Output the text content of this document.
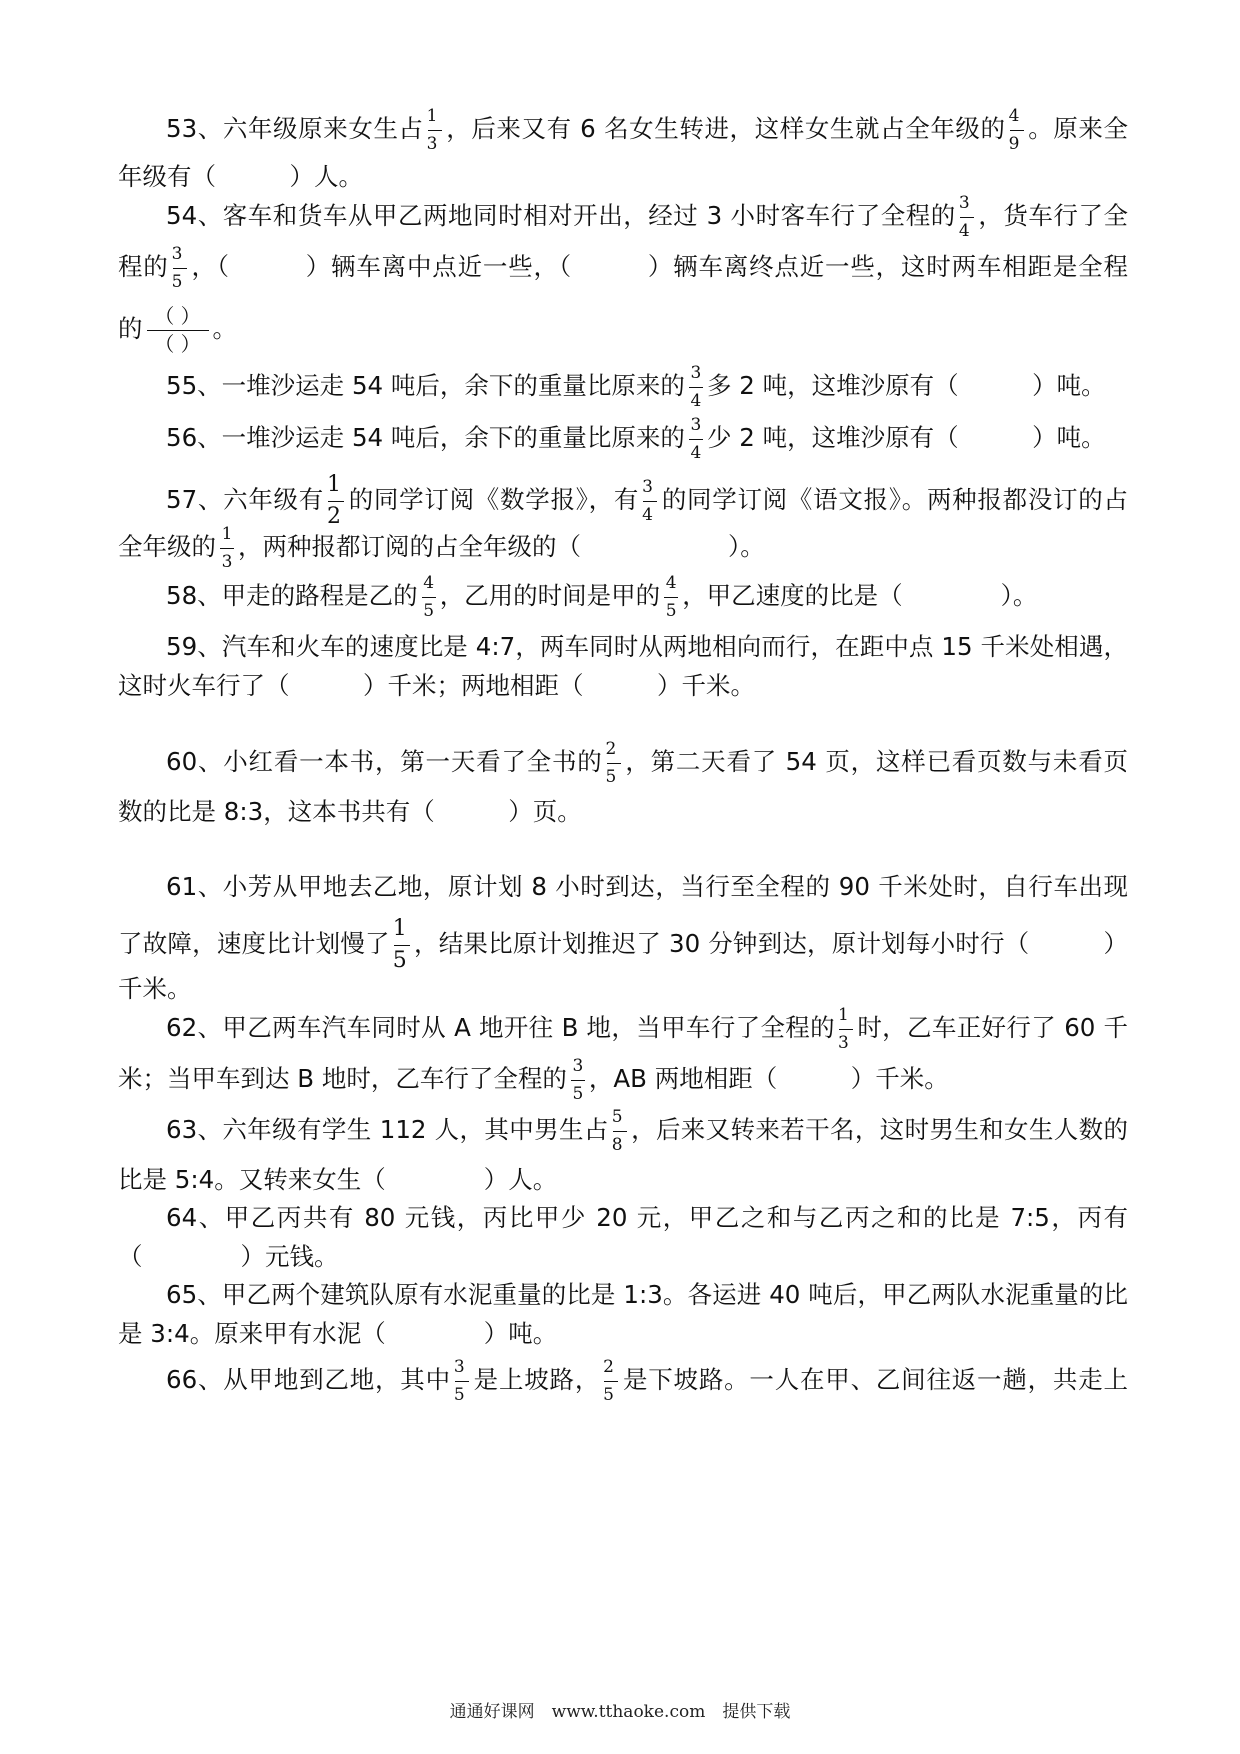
53、六年级原来女生占 $\frac{1}{3}$ ，后来又有 6 名女生转进，这样女生就占全年级的 $\frac{4}{9}$ 。原来全
年级有（　　　）人。
54、客车和货车从甲乙两地同时相对开出，经过 3 小时客车行了全程的 $\frac{3}{4}$ ，货车行了全
程的 $\frac{3}{5}$ ，（　　　）辆车离中点近一些，（　　　）辆车离终点近一些，这时两车相距是全程
的 $\frac{( )}{( )}$ 。
55、一堆沙运走 54 吨后，余下的重量比原来的 $\frac{3}{4}$ 多 2 吨，这堆沙原有（　　　）吨。
56、一堆沙运走 54 吨后，余下的重量比原来的 $\frac{3}{4}$ 少 2 吨，这堆沙原有（　　　）吨。
57、六年级有 $\frac{1}{2}$ 的同学订阅《数学报》，有 $\frac{3}{4}$ 的同学订阅《语文报》。两种报都没订的占
全年级的 $\frac{1}{3}$ ，两种报都订阅的占全年级的（　　　　　　）。
58、甲走的路程是乙的 $\frac{4}{5}$ ，乙用的时间是甲的 $\frac{4}{5}$ ，甲乙速度的比是（　　　　）。
59、汽车和火车的速度比是 4:7，两车同时从两地相向而行，在距中点 15 千米处相遇，
这时火车行了（　　　）千米；两地相距（　　　）千米。
60、小红看一本书，第一天看了全书的 $\frac{2}{5}$ ，第二天看了 54 页，这样已看页数与未看页
数的比是 8:3，这本书共有（　　　）页。
61、小芳从甲地去乙地，原计划 8 小时到达，当行至全程的 90 千米处时，自行车出现
了故障，速度比计划慢了 $\frac{1}{5}$ ，结果比原计划推迟了 30 分钟到达，原计划每小时行（　　　）
千米。
62、甲乙两车汽车同时从 A 地开往 B 地，当甲车行了全程的 $\frac{1}{3}$ 时，乙车正好行了 60 千
米；当甲车到达 B 地时，乙车行了全程的 $\frac{3}{5}$ ，AB 两地相距（　　　）千米。
63、六年级有学生 112 人，其中男生占 $\frac{5}{8}$ ，后来又转来若干名，这时男生和女生人数的
比是 5:4。又转来女生（　　　　）人。
64、甲乙丙共有 80 元钱，丙比甲少 20 元，甲乙之和与乙丙之和的比是 7:5，丙有
（　　　　）元钱。
65、甲乙两个建筑队原有水泥重量的比是 1:3。各运进 40 吨后，甲乙两队水泥重量的比
是 3:4。原来甲有水泥（　　　　）吨。
66、从甲地到乙地，其中 $\frac{3}{5}$ 是上坡路， $\frac{2}{5}$ 是下坡路。一人在甲、乙间往返一趟，共走上
通通好课网　www.tthaoke.com　提供下载
